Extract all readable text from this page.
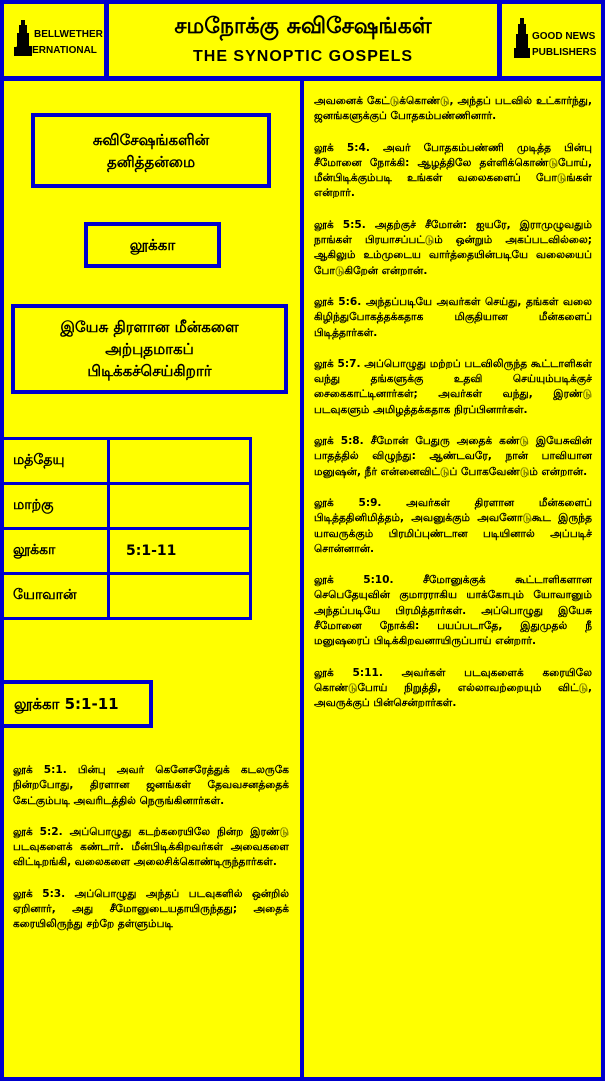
BELLWETHER
INTERNATIONAL
சமநோக்கு சுவிசேஷங்கள்
THE SYNOPTIC GOSPELS
GOOD NEWS
PUBLISHERS
சுவிசேஷங்களின்
தனித்தன்மை
லூக்கா
இயேசு திரளான மீன்களை
அற்புதமாகப்
பிடிக்கச்செய்கிறார்
மத்தேயு	
மாற்கு	
லூக்கா	5:1-11
யோவான்	
லூக்கா 5:1-11

லூக் 5:1. பின்பு அவர் கெனேசரேத்துக் கடலருகே நின்றபோது, திரளான ஜனங்கள் தேவவசனத்தைக் கேட்கும்படி அவரிடத்தில் நெருங்கினார்கள்.

லூக் 5:2. அப்பொழுது கடற்கரையிலே நின்ற இரண்டு படவுகளைக் கண்டார். மீன்பிடிக்கிறவர்கள் அவைகளை விட்டிறங்கி, வலைகளை அலைசிக்கொண்டிருந்தார்கள்.

லூக் 5:3. அப்பொழுது அந்தப் படவுகளில் ஒன்றில் ஏறினார், அது சீமோனுடையதாயிருந்தது; அதைக் கரையிலிருந்து சற்றே தள்ளும்படி

அவனைக் கேட்டுக்கொண்டு, அந்தப் படவில் உட்கார்ந்து, ஜனங்களுக்குப் போதகம்பண்ணினார்.

லூக் 5:4. அவர் போதகம்பண்ணி முடித்த பின்பு சீமோனை நோக்கி: ஆழத்திலே தள்ளிக்கொண்டுபோய், மீன்பிடிக்கும்படி உங்கள் வலைகளைப் போடுங்கள் என்றார்.

லூக் 5:5. அதற்குச் சீமோன்: ஐயரே, இராமுழுவதும் நாங்கள் பிரயாசப்பட்டும் ஒன்றும் அகப்படவில்லை; ஆகிலும் உம்முடைய வார்த்தையின்படியே வலையைப் போடுகிறேன் என்றான்.

லூக் 5:6. அந்தப்படியே அவர்கள் செய்து, தங்கள் வலை கிழிந்துபோகத்தக்கதாக மிகுதியான மீன்களைப் பிடித்தார்கள்.

லூக் 5:7. அப்பொழுது மற்றப் படவிலிருந்த கூட்டாளிகள் வந்து தங்களுக்கு உதவி செய்யும்படிக்குச் சைகைகாட்டினார்கள்; அவர்கள் வந்து, இரண்டு படவுகளும் அமிழத்தக்கதாக நிரப்பினார்கள்.

லூக் 5:8. சீமோன் பேதுரு அதைக் கண்டு இயேசுவின் பாதத்தில் விழுந்து: ஆண்டவரே, நான் பாவியான மனுஷன், நீர் என்னைவிட்டுப் போகவேண்டும் என்றான்.

லூக் 5:9. அவர்கள் திரளான மீன்களைப் பிடித்ததினிமித்தம், அவனுக்கும் அவனோடுகூட இருந்த யாவருக்கும் பிரமிப்புண்டான படியினால் அப்படிச் சொன்னான்.

லூக் 5:10. சீமோனுக்குக் கூட்டாளிகளான செபெதேயுவின் குமாரராகிய யாக்கோபும் யோவானும் அந்தப்படியே பிரமித்தார்கள். அப்பொழுது இயேசு சீமோனை நோக்கி: பயப்படாதே, இதுமுதல் நீ மனுஷரைப் பிடிக்கிறவனாயிருப்பாய் என்றார்.

லூக் 5:11. அவர்கள் படவுகளைக் கரையிலே கொண்டுபோய் நிறுத்தி, எல்லாவற்றையும் விட்டு, அவருக்குப் பின்சென்றார்கள்.
